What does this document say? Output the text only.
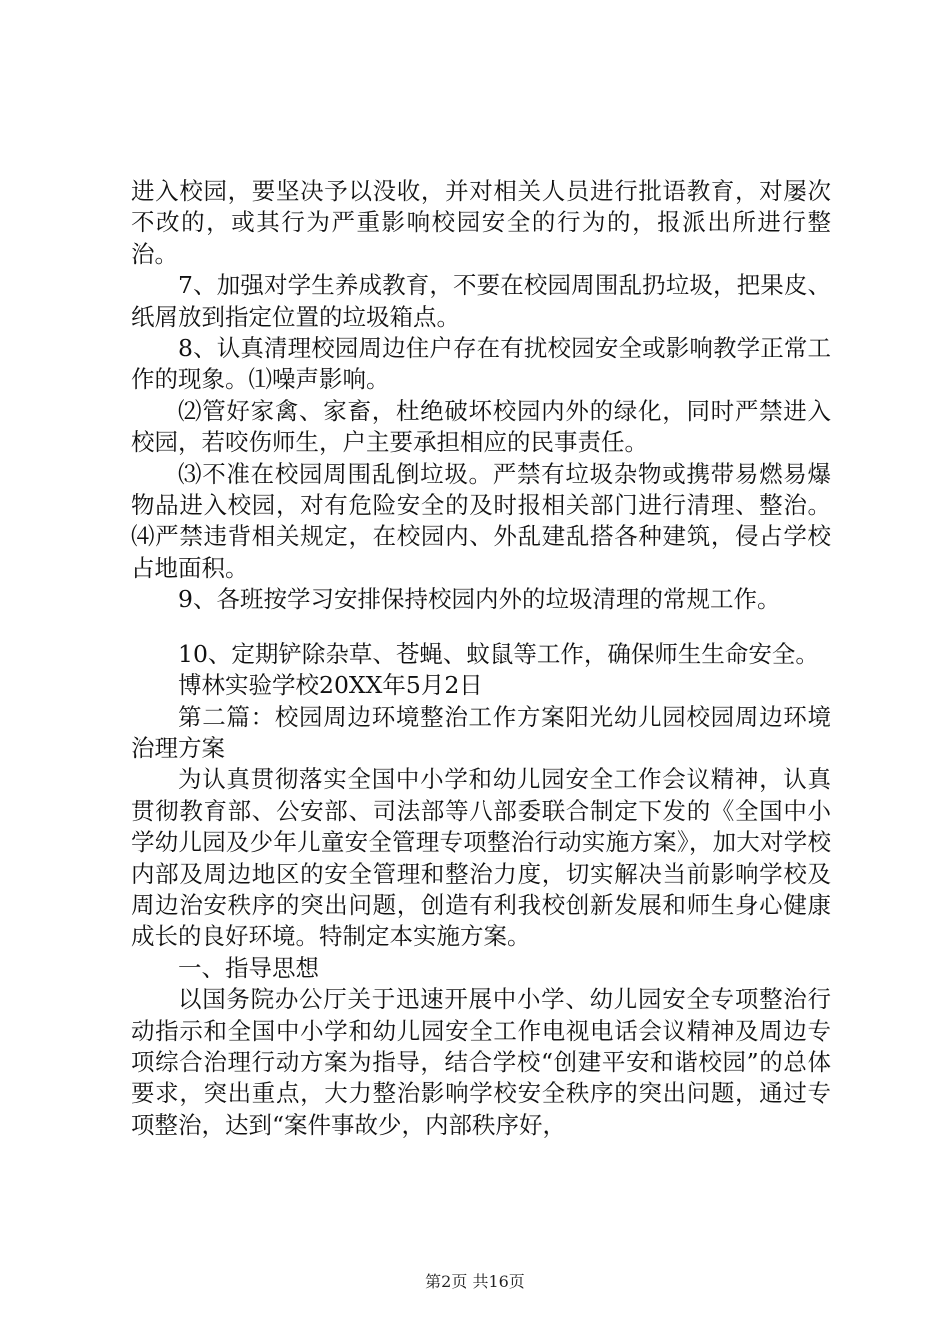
进入校园，要坚决予以没收，并对相关人员进行批语教育，对屡次不改的，或其行为严重影响校园安全的行为的，报派出所进行整治。

7、加强对学生养成教育，不要在校园周围乱扔垃圾，把果皮、纸屑放到指定位置的垃圾箱点。

8、认真清理校园周边住户存在有扰校园安全或影响教学正常工作的现象。⑴噪声影响。

⑵管好家禽、家畜，杜绝破坏校园内外的绿化，同时严禁进入校园，若咬伤师生，户主要承担相应的民事责任。

⑶不准在校园周围乱倒垃圾。严禁有垃圾杂物或携带易燃易爆物品进入校园，对有危险安全的及时报相关部门进行清理、整治。⑷严禁违背相关规定，在校园内、外乱建乱搭各种建筑，侵占学校占地面积。

9、各班按学习安排保持校园内外的垃圾清理的常规工作。

10、定期铲除杂草、苍蝇、蚊鼠等工作，确保师生生命安全。

博林实验学校20XX年5月2日

第二篇：校园周边环境整治工作方案阳光幼儿园校园周边环境治理方案

为认真贯彻落实全国中小学和幼儿园安全工作会议精神，认真贯彻教育部、公安部、司法部等八部委联合制定下发的《全国中小学幼儿园及少年儿童安全管理专项整治行动实施方案》，加大对学校内部及周边地区的安全管理和整治力度，切实解决当前影响学校及周边治安秩序的突出问题，创造有利我校创新发展和师生身心健康成长的良好环境。特制定本实施方案。

一、指导思想

以国务院办公厅关于迅速开展中小学、幼儿园安全专项整治行动指示和全国中小学和幼儿园安全工作电视电话会议精神及周边专项综合治理行动方案为指导，结合学校“创建平安和谐校园”的总体要求，突出重点，大力整治影响学校安全秩序的突出问题，通过专项整治，达到“案件事故少，内部秩序好，

第2页 共16页
